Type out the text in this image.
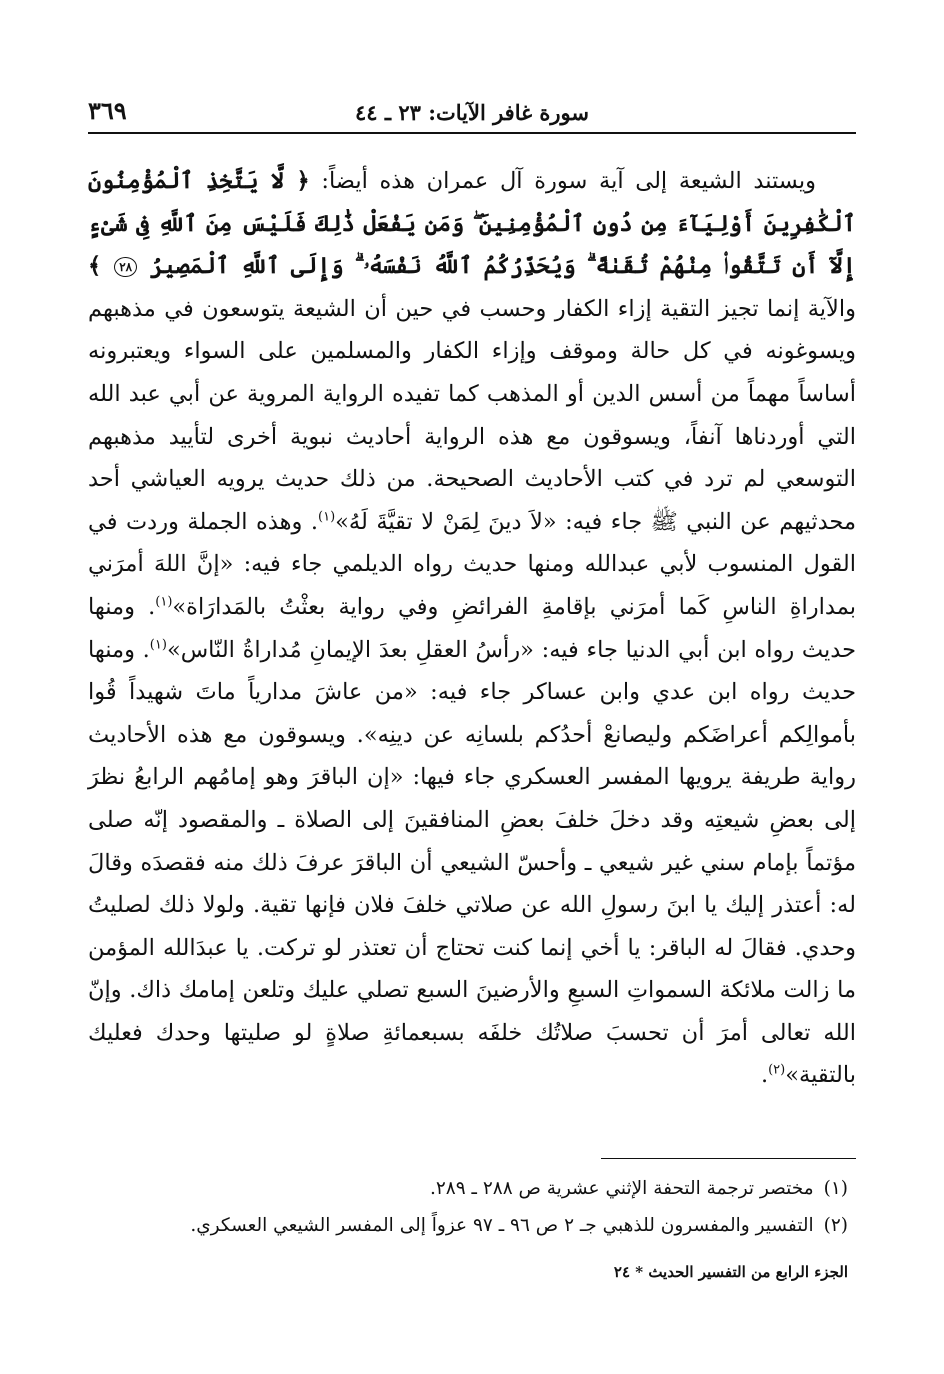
سورة غافر الآيات: ٢٣ ـ ٤٤
٣٦٩

ويستند الشيعة إلى آية سورة آل عمران هذه أيضاً: ﴿ لَّا يَتَّخِذِ ٱلْمُؤْمِنُونَ ٱلْكَٰفِرِينَ أَوْلِيَآءَ مِن دُونِ ٱلْمُؤْمِنِينَ ۖ وَمَن يَفْعَلْ ذَٰلِكَ فَلَيْسَ مِنَ ٱللَّهِ فِى شَىْءٍ إِلَّآ أَن تَتَّقُوا۟ مِنْهُمْ تُقَىٰةً ۗ وَيُحَذِّرُكُمُ ٱللَّهُ نَفْسَهُۥ ۗ وَإِلَى ٱللَّهِ ٱلْمَصِيرُ ٢٨ ﴾ والآية إنما تجيز التقية إزاء الكفار وحسب في حين أن الشيعة يتوسعون في مذهبهم ويسوغونه في كل حالة وموقف وإزاء الكفار والمسلمين على السواء ويعتبرونه أساساً مهماً من أسس الدين أو المذهب كما تفيده الرواية المروية عن أبي عبد الله التي أوردناها آنفاً، ويسوقون مع هذه الرواية أحاديث نبوية أخرى لتأييد مذهبهم التوسعي لم ترد في كتب الأحاديث الصحيحة. من ذلك حديث يرويه العياشي أحد محدثيهم عن النبي ﷺ جاء فيه: «لاَ دينَ لِمَنْ لا تقيَّةَ لَهُ»$^{(١)}$. وهذه الجملة وردت في القول المنسوب لأبي عبدالله ومنها حديث رواه الديلمي جاء فيه: «إنَّ اللهَ أمرَني بمداراةِ الناسِ كَما أمرَني بإقامةِ الفرائضِ وفي رواية بعثْتُ بالمَدارَاة»$^{(١)}$. ومنها حديث رواه ابن أبي الدنيا جاء فيه: «رأسُ العقلِ بعدَ الإيمانِ مُداراةُ النّاس»$^{(١)}$. ومنها حديث رواه ابن عدي وابن عساكر جاء فيه: «من عاشَ مدارياً ماتَ شهيداً قُوا بأموالِكم أعراضَكم وليصانعْ أحدُكم بلسانِه عن دينِه». ويسوقون مع هذه الأحاديث رواية طريفة يرويها المفسر العسكري جاء فيها: «إن الباقرَ وهو إمامُهم الرابعُ نظرَ إلى بعضِ شيعتِه وقد دخلَ خلفَ بعضِ المنافقينَ إلى الصلاة ـ والمقصود إنّه صلى مؤتماً بإمام سني غير شيعي ـ وأحسّ الشيعي أن الباقرَ عرفَ ذلك منه فقصدَه وقالَ له: أعتذر إليك يا ابنَ رسولِ الله عن صلاتي خلفَ فلان فإنها تقية. ولولا ذلك لصليتُ وحدي. فقالَ له الباقر: يا أخي إنما كنت تحتاج أن تعتذر لو تركت. يا عبدَالله المؤمن ما زالت ملائكة السمواتِ السبعِ والأرضينَ السبع تصلي عليك وتلعن إمامك ذاك. وإنّ الله تعالى أمرَ أن تحسبَ صلاتُك خلفَه بسبعمائةِ صلاةٍ لو صليتها وحدك فعليك بالتقية»$^{(٢)}$.

(١)مختصر ترجمة التحفة الإثني عشرية ص ٢٨٨ ـ ٢٨٩.

(٢)التفسير والمفسرون للذهبي جـ ٢ ص ٩٦ ـ ٩٧ عزواً إلى المفسر الشيعي العسكري.

الجزء الرابع من التفسير الحديث * ٢٤
